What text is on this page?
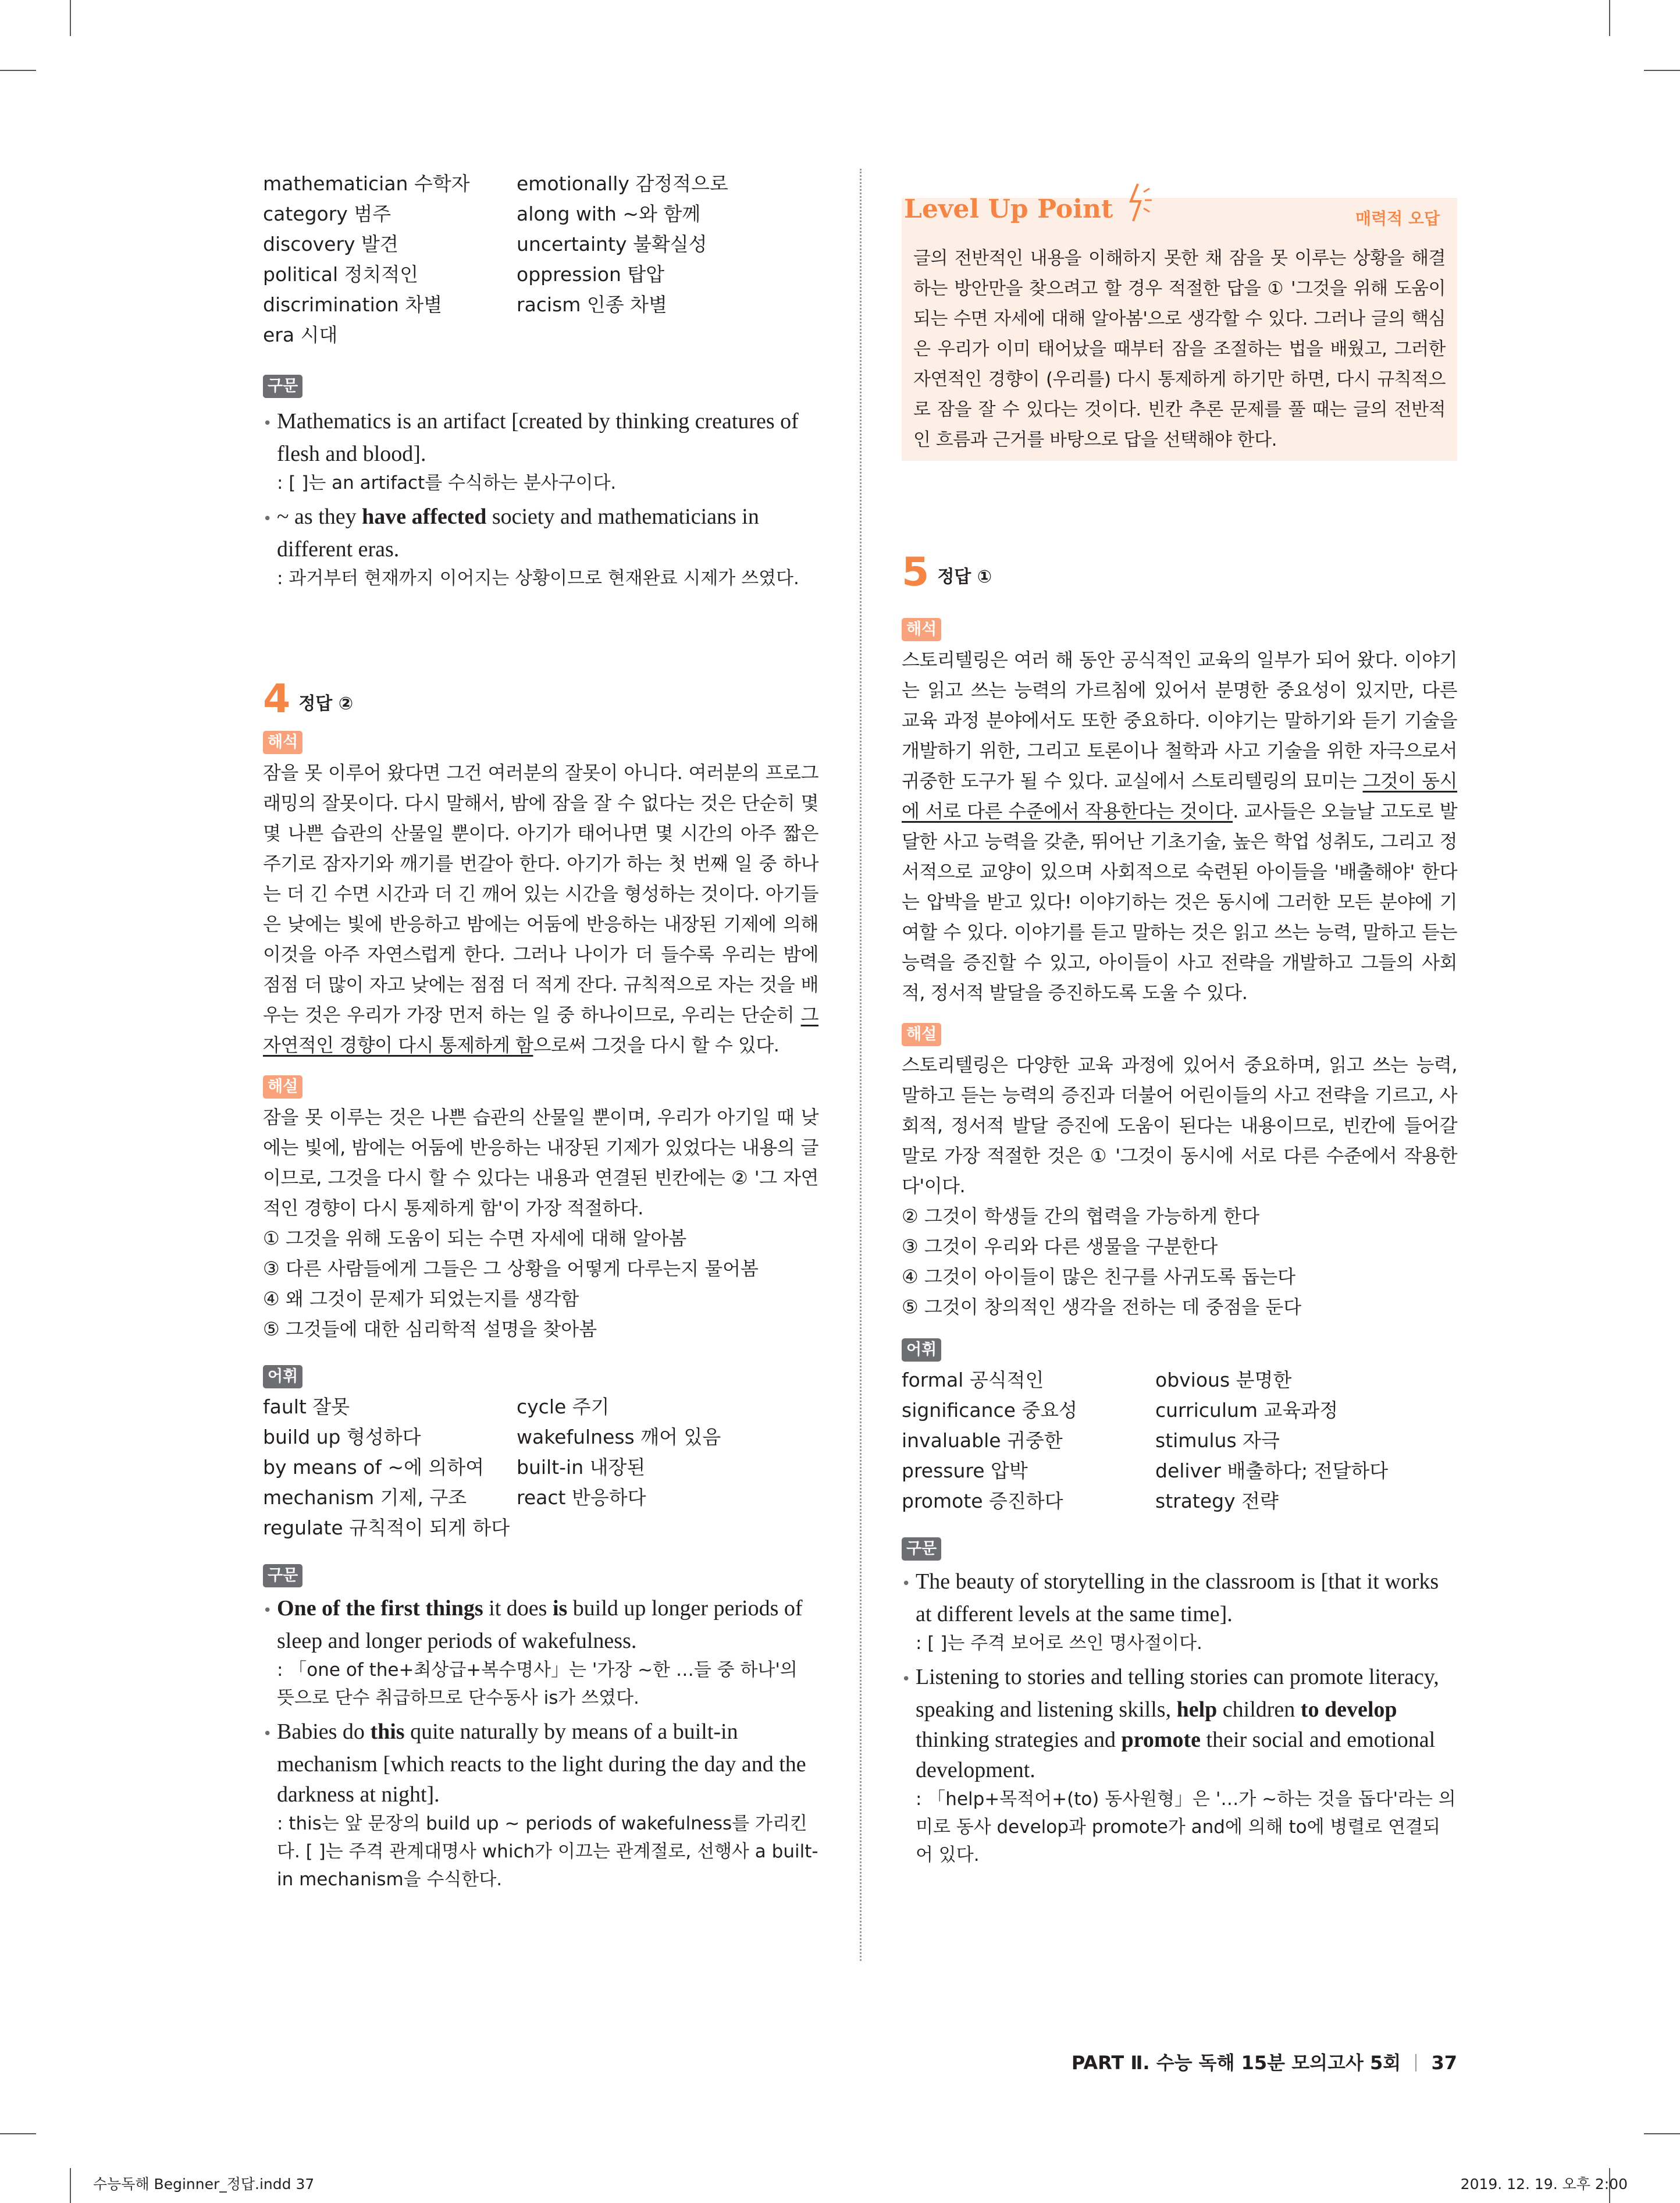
mathematician 수학자	emotionally 감정적으로
category 범주	along with ~와 함께
discovery 발견	uncertainty 불확실성
political 정치적인	oppression 탑압
discrimination 차별	racism 인종 차별
era 시대
구문

• Mathematics is an artifact [created by thinking creatures of flesh and blood].

: [ ]는 an artifact를 수식하는 분사구이다.

• ~ as they have affected society and mathematicians in different eras.

: 과거부터 현재까지 이어지는 상황이므로 현재완료 시제가 쓰였다.

4 정답 ②
해석

잠을 못 이루어 왔다면 그건 여러분의 잘못이 아니다. 여러분의 프로그래밍의 잘못이다. 다시 말해서, 밤에 잠을 잘 수 없다는 것은 단순히 몇몇 나쁜 습관의 산물일 뿐이다. 아기가 태어나면 몇 시간의 아주 짧은 주기로 잠자기와 깨기를 번갈아 한다. 아기가 하는 첫 번째 일 중 하나는 더 긴 수면 시간과 더 긴 깨어 있는 시간을 형성하는 것이다. 아기들은 낮에는 빛에 반응하고 밤에는 어둠에 반응하는 내장된 기제에 의해 이것을 아주 자연스럽게 한다. 그러나 나이가 더 들수록 우리는 밤에 점점 더 많이 자고 낮에는 점점 더 적게 잔다. 규칙적으로 자는 것을 배우는 것은 우리가 가장 먼저 하는 일 중 하나이므로, 우리는 단순히 그 자연적인 경향이 다시 통제하게 함으로써 그것을 다시 할 수 있다.

해설

잠을 못 이루는 것은 나쁜 습관의 산물일 뿐이며, 우리가 아기일 때 낮에는 빛에, 밤에는 어둠에 반응하는 내장된 기제가 있었다는 내용의 글이므로, 그것을 다시 할 수 있다는 내용과 연결된 빈칸에는 ② '그 자연적인 경향이 다시 통제하게 함'이 가장 적절하다.

① 그것을 위해 도움이 되는 수면 자세에 대해 알아봄

③ 다른 사람들에게 그들은 그 상황을 어떻게 다루는지 물어봄

④ 왜 그것이 문제가 되었는지를 생각함

⑤ 그것들에 대한 심리학적 설명을 찾아봄

어휘
fault 잘못	cycle 주기
build up 형성하다	wakefulness 깨어 있음
by means of ~에 의하여	built-in 내장된
mechanism 기제, 구조	react 반응하다
regulate 규칙적이 되게 하다
구문

• One of the first things it does is build up longer periods of sleep and longer periods of wakefulness.

: 「one of the+최상급+복수명사」는 '가장 ~한 …들 중 하나'의 뜻으로 단수 취급하므로 단수동사 is가 쓰였다.

• Babies do this quite naturally by means of a built-in mechanism [which reacts to the light during the day and the darkness at night].

: this는 앞 문장의 build up ~ periods of wakefulness를 가리킨다. [ ]는 주격 관계대명사 which가 이끄는 관계절로, 선행사 a built-in mechanism을 수식한다.

Level Up Point	매력적 오답

글의 전반적인 내용을 이해하지 못한 채 잠을 못 이루는 상황을 해결하는 방안만을 찾으려고 할 경우 적절한 답을 ① '그것을 위해 도움이 되는 수면 자세에 대해 알아봄'으로 생각할 수 있다. 그러나 글의 핵심은 우리가 이미 태어났을 때부터 잠을 조절하는 법을 배웠고, 그러한 자연적인 경향이 (우리를) 다시 통제하게 하기만 하면, 다시 규칙적으로 잠을 잘 수 있다는 것이다. 빈칸 추론 문제를 풀 때는 글의 전반적인 흐름과 근거를 바탕으로 답을 선택해야 한다.

5 정답 ①
해석

스토리텔링은 여러 해 동안 공식적인 교육의 일부가 되어 왔다. 이야기는 읽고 쓰는 능력의 가르침에 있어서 분명한 중요성이 있지만, 다른 교육 과정 분야에서도 또한 중요하다. 이야기는 말하기와 듣기 기술을 개발하기 위한, 그리고 토론이나 철학과 사고 기술을 위한 자극으로서 귀중한 도구가 될 수 있다. 교실에서 스토리텔링의 묘미는 그것이 동시에 서로 다른 수준에서 작용한다는 것이다. 교사들은 오늘날 고도로 발달한 사고 능력을 갖춘, 뛰어난 기초기술, 높은 학업 성취도, 그리고 정서적으로 교양이 있으며 사회적으로 숙련된 아이들을 '배출해야' 한다는 압박을 받고 있다! 이야기하는 것은 동시에 그러한 모든 분야에 기여할 수 있다. 이야기를 듣고 말하는 것은 읽고 쓰는 능력, 말하고 듣는 능력을 증진할 수 있고, 아이들이 사고 전략을 개발하고 그들의 사회적, 정서적 발달을 증진하도록 도울 수 있다.

해설

스토리텔링은 다양한 교육 과정에 있어서 중요하며, 읽고 쓰는 능력, 말하고 듣는 능력의 증진과 더불어 어린이들의 사고 전략을 기르고, 사회적, 정서적 발달 증진에 도움이 된다는 내용이므로, 빈칸에 들어갈 말로 가장 적절한 것은 ① '그것이 동시에 서로 다른 수준에서 작용한다'이다.

② 그것이 학생들 간의 협력을 가능하게 한다

③ 그것이 우리와 다른 생물을 구분한다

④ 그것이 아이들이 많은 친구를 사귀도록 돕는다

⑤ 그것이 창의적인 생각을 전하는 데 중점을 둔다

어휘
formal 공식적인	obvious 분명한
significance 중요성	curriculum 교육과정
invaluable 귀중한	stimulus 자극
pressure 압박	deliver 배출하다; 전달하다
promote 증진하다	strategy 전략
구문

• The beauty of storytelling in the classroom is [that it works at different levels at the same time].

: [ ]는 주격 보어로 쓰인 명사절이다.

• Listening to stories and telling stories can promote literacy, speaking and listening skills, help children to develop thinking strategies and promote their social and emotional development.

: 「help+목적어+(to) 동사원형」은 '…가 ~하는 것을 돕다'라는 의미로 동사 develop과 promote가 and에 의해 to에 병렬로 연결되어 있다.

PART Ⅱ. 수능 독해 15분 모의고사 5회 37
수능독해 Beginner_정답.indd 37	2019. 12. 19. 오후 2:00
